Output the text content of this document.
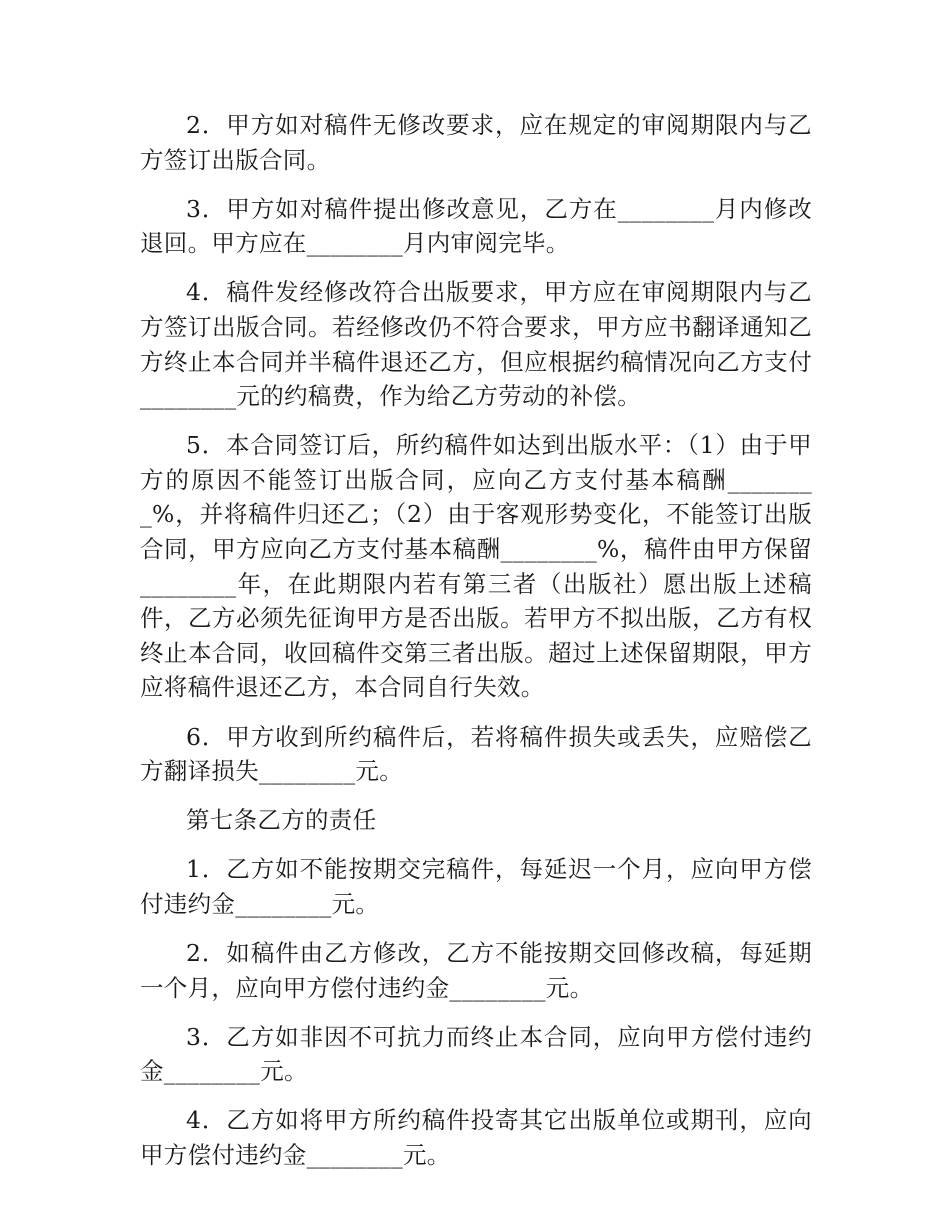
2．甲方如对稿件无修改要求，应在规定的审阅期限内与乙方签订出版合同。

3．甲方如对稿件提出修改意见，乙方在________月内修改退回。甲方应在________月内审阅完毕。

4．稿件发经修改符合出版要求，甲方应在审阅期限内与乙方签订出版合同。若经修改仍不符合要求，甲方应书翻译通知乙方终止本合同并半稿件退还乙方，但应根据约稿情况向乙方支付________元的约稿费，作为给乙方劳动的补偿。

5．本合同签订后，所约稿件如达到出版水平：（1）由于甲方的原因不能签订出版合同，应向乙方支付基本稿酬________%，并将稿件归还乙；（2）由于客观形势变化，不能签订出版合同，甲方应向乙方支付基本稿酬________%，稿件由甲方保留________年，在此期限内若有第三者（出版社）愿出版上述稿件，乙方必须先征询甲方是否出版。若甲方不拟出版，乙方有权终止本合同，收回稿件交第三者出版。超过上述保留期限，甲方应将稿件退还乙方，本合同自行失效。

6．甲方收到所约稿件后，若将稿件损失或丢失，应赔偿乙方翻译损失________元。

第七条乙方的责任

1．乙方如不能按期交完稿件，每延迟一个月，应向甲方偿付违约金________元。

2．如稿件由乙方修改，乙方不能按期交回修改稿，每延期一个月，应向甲方偿付违约金________元。

3．乙方如非因不可抗力而终止本合同，应向甲方偿付违约金________元。

4．乙方如将甲方所约稿件投寄其它出版单位或期刊，应向甲方偿付违约金________元。
